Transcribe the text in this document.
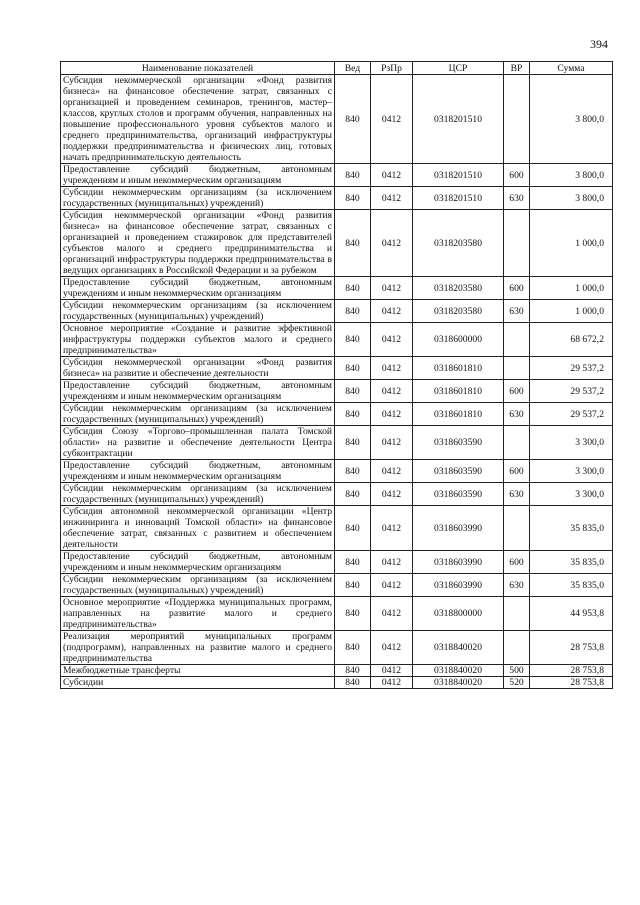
394
Наименование показателей	Вед	РзПр	ЦСР	ВР	Сумма
Субсидия некоммерческой организации «Фонд развития бизнеса» на финансовое обеспечение затрат, связанных с организацией и проведением семинаров, тренингов, мастер–классов, круглых столов и программ обучения, направленных на повышение профессионального уровня субъектов малого и среднего предпринимательства, организаций инфраструктуры поддержки предпринимательства и физических лиц, готовых начать предпринимательскую деятельность	840	0412	0318201510		3 800,0
Предоставление субсидий бюджетным, автономным учреждениям и иным некоммерческим организациям	840	0412	0318201510	600	3 800,0
Субсидии некоммерческим организациям (за исключением государственных (муниципальных) учреждений)	840	0412	0318201510	630	3 800,0
Субсидия некоммерческой организации «Фонд развития бизнеса» на финансовое обеспечение затрат, связанных с организацией и проведением стажировок для представителей субъектов малого и среднего предпринимательства и организаций инфраструктуры поддержки предпринимательства в ведущих организациях в Российской Федерации и за рубежом	840	0412	0318203580		1 000,0
Предоставление субсидий бюджетным, автономным учреждениям и иным некоммерческим организациям	840	0412	0318203580	600	1 000,0
Субсидии некоммерческим организациям (за исключением государственных (муниципальных) учреждений)	840	0412	0318203580	630	1 000,0
Основное мероприятие «Создание и развитие эффективной инфраструктуры поддержки субъектов малого и среднего предпринимательства»	840	0412	0318600000		68 672,2
Субсидия некоммерческой организации «Фонд развития бизнеса» на развитие и обеспечение деятельности	840	0412	0318601810		29 537,2
Предоставление субсидий бюджетным, автономным учреждениям и иным некоммерческим организациям	840	0412	0318601810	600	29 537,2
Субсидии некоммерческим организациям (за исключением государственных (муниципальных) учреждений)	840	0412	0318601810	630	29 537,2
Субсидия Союзу «Торгово–промышленная палата Томской области» на развитие и обеспечение деятельности Центра субконтрактации	840	0412	0318603590		3 300,0
Предоставление субсидий бюджетным, автономным учреждениям и иным некоммерческим организациям	840	0412	0318603590	600	3 300,0
Субсидии некоммерческим организациям (за исключением государственных (муниципальных) учреждений)	840	0412	0318603590	630	3 300,0
Субсидия автономной некоммерческой организации «Центр инжиниринга и инноваций Томской области» на финансовое обеспечение затрат, связанных с развитием и обеспечением деятельности	840	0412	0318603990		35 835,0
Предоставление субсидий бюджетным, автономным учреждениям и иным некоммерческим организациям	840	0412	0318603990	600	35 835,0
Субсидии некоммерческим организациям (за исключением государственных (муниципальных) учреждений)	840	0412	0318603990	630	35 835,0
Основное мероприятие «Поддержка муниципальных программ, направленных на развитие малого и среднего предпринимательства»	840	0412	0318800000		44 953,8
Реализация мероприятий муниципальных программ (подпрограмм), направленных на развитие малого и среднего предпринимательства	840	0412	0318840020		28 753,8
Межбюджетные трансферты	840	0412	0318840020	500	28 753,8
Субсидии	840	0412	0318840020	520	28 753,8
